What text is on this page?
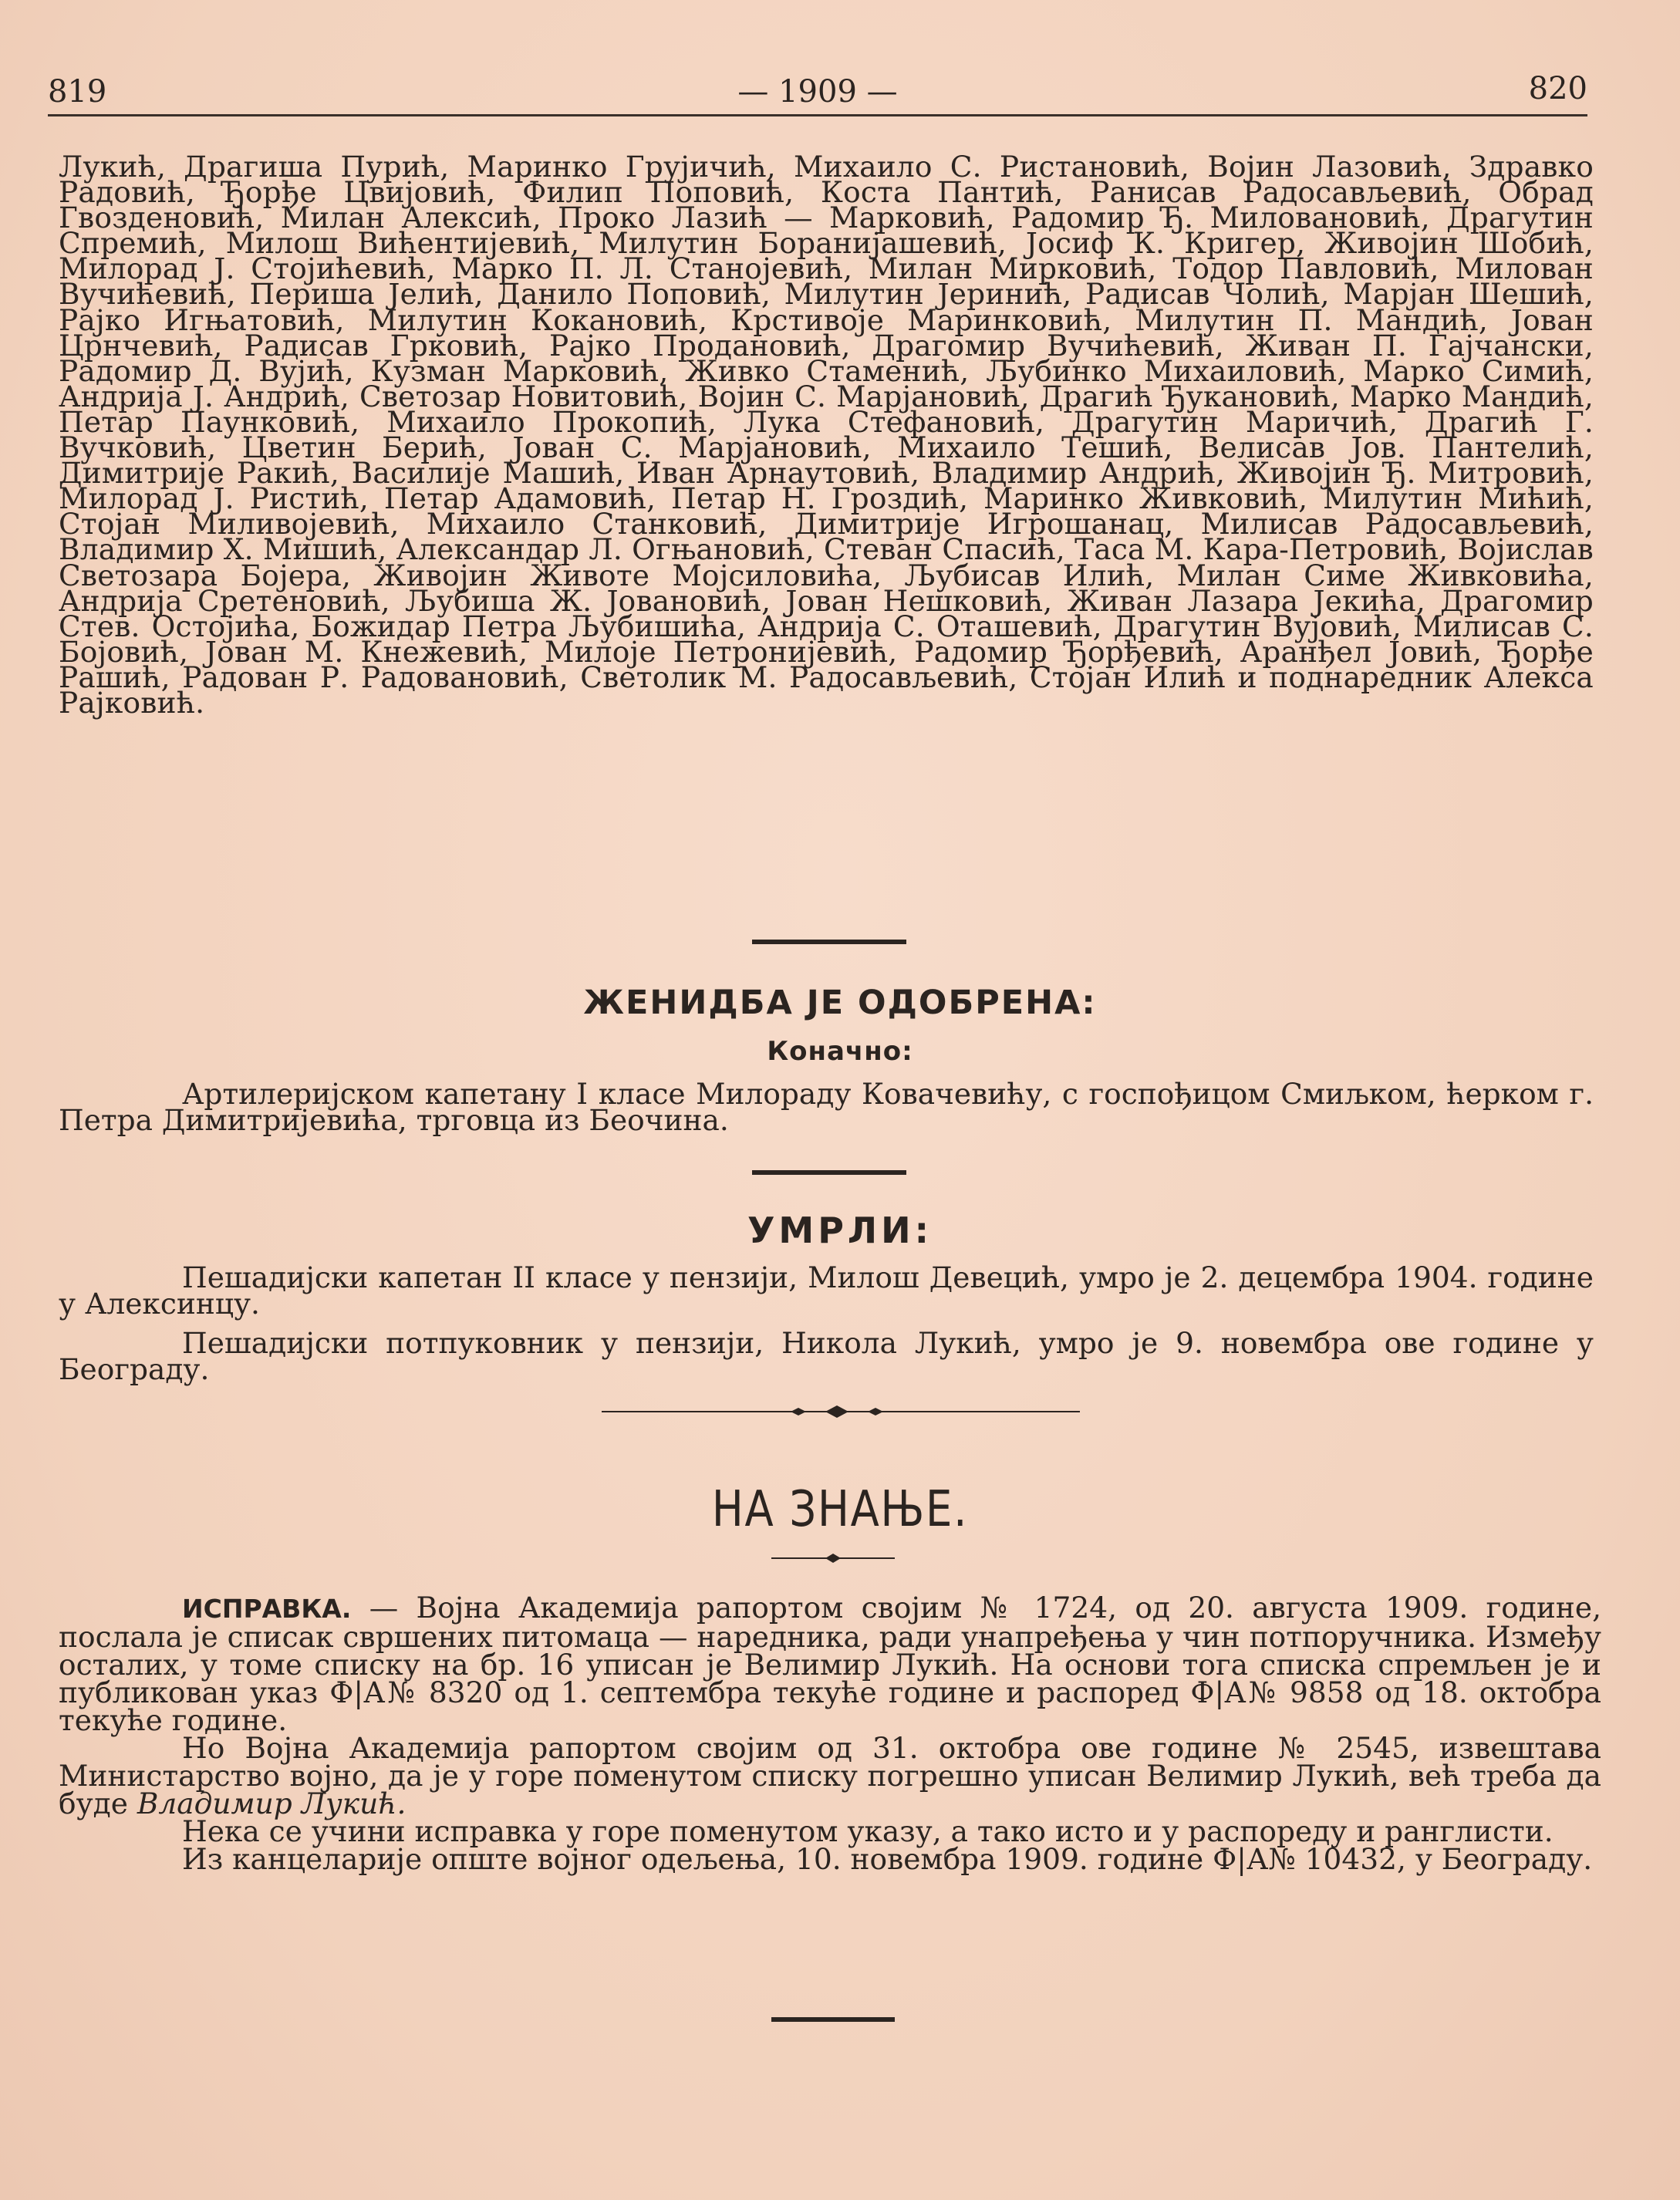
819	— 1909 —	820
Лукић, Драгиша Пурић, Маринко Грујичић, Михаило С. Ристановић, Војин Лазовић, Здравко Радовић, Ђорђе Цвијовић, Филип Поповић, Коста Пантић, Ранисав Радосављевић, Обрад Гвозденовић, Милан Алексић, Проко Лазић — Марковић, Радомир Ђ. Миловановић, Драгутин Спремић, Милош Вићентијевић, Милутин Боранијашевић, Јосиф К. Кригер, Живојин Шобић, Милорад Ј. Стојићевић, Марко П. Л. Станојевић, Милан Мирковић, Тодор Павловић, Милован Вучићевић, Периша Јелић, Данило Поповић, Милутин Јеринић, Радисав Чолић, Марјан Шешић, Рајко Игњатовић, Милутин Кокановић, Крстивоје Маринковић, Милутин П. Мандић, Јован Црнчевић, Радисав Грковић, Рајко Продановић, Драгомир Вучићевић, Живан П. Гајчански, Радомир Д. Вујић, Кузман Марковић, Живко Стаменић, Љубинко Михаиловић, Марко Симић, Андрија Ј. Андрић, Светозар Новитовић, Војин С. Марјановић, Драгић Ђукановић, Марко Мандић, Петар Паунковић, Михаило Прокопић, Лука Стефановић, Драгутин Маричић, Драгић Г. Вучковић, Цветин Берић, Јован С. Марјановић, Михаило Тешић, Велисав Јов. Пантелић, Димитрије Ракић, Василије Машић, Иван Арнаутовић, Владимир Андрић, Живојин Ђ. Митровић, Милорад Ј. Ристић, Петар Адамовић, Петар Н. Гроздић, Маринко Живковић, Милутин Мићић, Стојан Миливојевић, Михаило Станковић, Димитрије Игрошанац, Милисав Радосављевић, Владимир Х. Мишић, Александар Л. Огњановић, Стеван Спасић, Таса М. Кара-Петровић, Војислав Светозара Бојера, Живојин Животе Мојсиловића, Љубисав Илић, Милан Симе Живковића, Андрија Сретеновић, Љубиша Ж. Јовановић, Јован Нешковић, Живан Лазара Јекића, Драгомир Стев. Остојића, Божидар Петра Љубишића, Андрија С. Оташевић, Драгутин Вујовић, Милисав С. Бојовић, Јован М. Кнежевић, Милоје Петронијевић, Радомир Ђорђевић, Аранђел Јовић, Ђорђе Рашић, Радован Р. Радовановић, Светолик М. Радосављевић, Стојан Илић и поднаредник Алекса Рајковић.
ЖЕНИДБА ЈЕ ОДОБРЕНА:
Коначно:
Артилеријском капетану I класе Милораду Ковачевићу, с госпођицом Смиљком, ћерком г. Петра Димитријевића, трговца из Беочина.
УМРЛИ:
Пешадијски капетан II класе у пензији, Милош Девецић, умро је 2. децембра 1904. године у Алексинцу.
Пешадијски потпуковник у пензији, Никола Лукић, умро је 9. новембра ове године у Београду.
НА ЗНАЊЕ.

ИСПРАВКА. — Војна Академија рапортом својим № 1724, од 20. августа 1909. године, послала је списак свршених питомаца — наредника, ради унапређења у чин потпоручника. Између осталих, у томе списку на бр. 16 уписан је Велимир Лукић. На основи тога списка спремљен је и публикован указ Ф|А№ 8320 од 1. септембра текуће године и распоред Ф|А№ 9858 од 18. октобра текуће године.

Но Војна Академија рапортом својим од 31. октобра ове године № 2545, извештава Министарство војно, да је у горе поменутом списку погрешно уписан Велимир Лукић, већ треба да буде Владимир Лукић.

Нека се учини исправка у горе поменутом указу, а тако исто и у распореду и ранглисти.

Из канцеларије опште војног одељења, 10. новембра 1909. године Ф|А№ 10432, у Београду.
